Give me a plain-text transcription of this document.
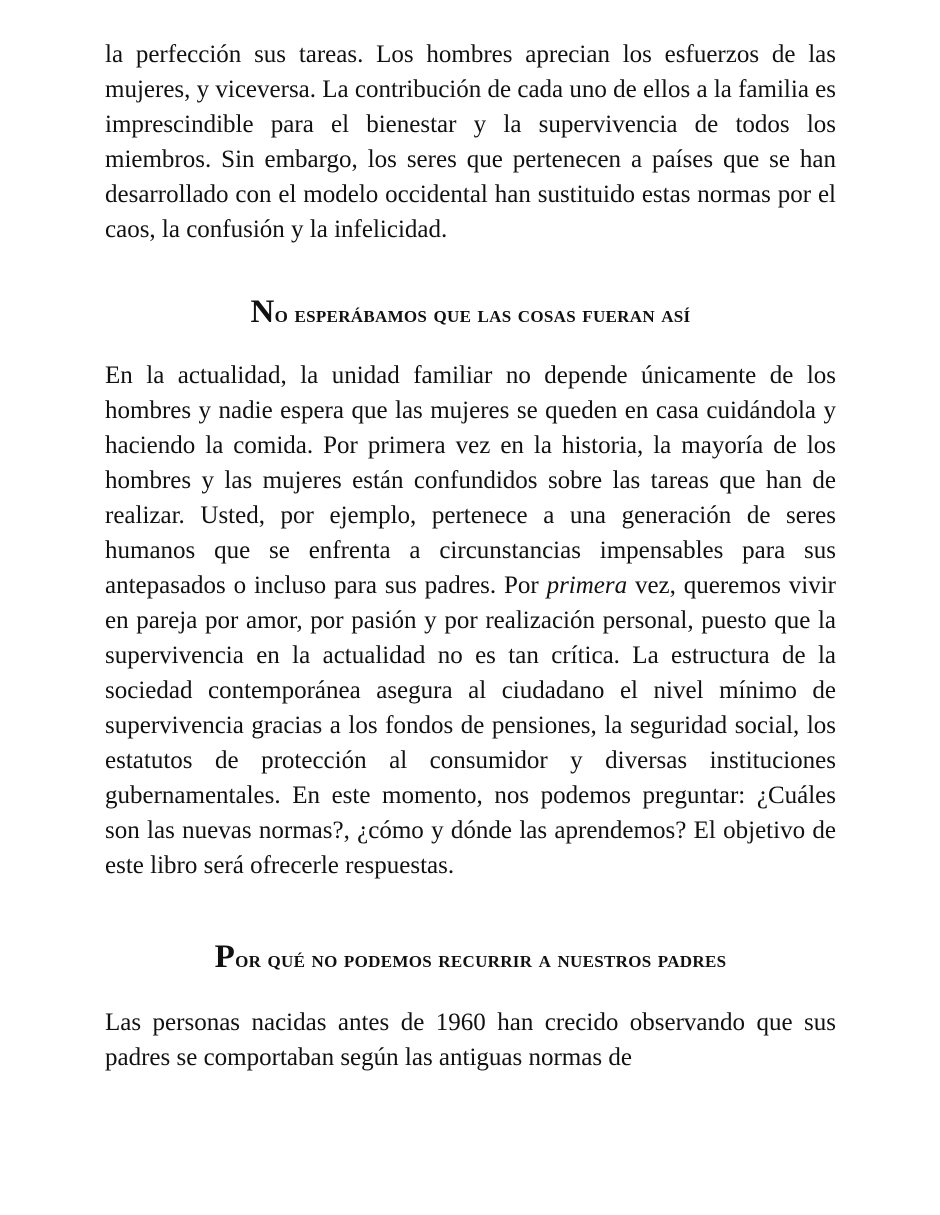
la perfección sus tareas. Los hombres aprecian los esfuerzos de las mujeres, y viceversa. La contribución de cada uno de ellos a la familia es imprescindible para el bienestar y la supervivencia de todos los miembros. Sin embargo, los seres que pertenecen a países que se han desarrollado con el modelo occidental han sustituido estas normas por el caos, la confusión y la infelicidad.

No esperábamos que las cosas fueran así

En la actualidad, la unidad familiar no depende únicamente de los hombres y nadie espera que las mujeres se queden en casa cuidándola y haciendo la comida. Por primera vez en la historia, la mayoría de los hombres y las mujeres están confundidos sobre las tareas que han de realizar. Usted, por ejemplo, pertenece a una generación de seres humanos que se enfrenta a circunstancias impensables para sus antepasados o incluso para sus padres. Por primera vez, queremos vivir en pareja por amor, por pasión y por realización personal, puesto que la supervivencia en la actualidad no es tan crítica. La estructura de la sociedad contemporánea asegura al ciudadano el nivel mínimo de supervivencia gracias a los fondos de pensiones, la seguridad social, los estatutos de protección al consumidor y diversas instituciones gubernamentales. En este momento, nos podemos preguntar: ¿Cuáles son las nuevas normas?, ¿cómo y dónde las aprendemos? El objetivo de este libro será ofrecerle respuestas.

Por qué no podemos recurrir a nuestros padres

Las personas nacidas antes de 1960 han crecido observando que sus padres se comportaban según las antiguas normas de
